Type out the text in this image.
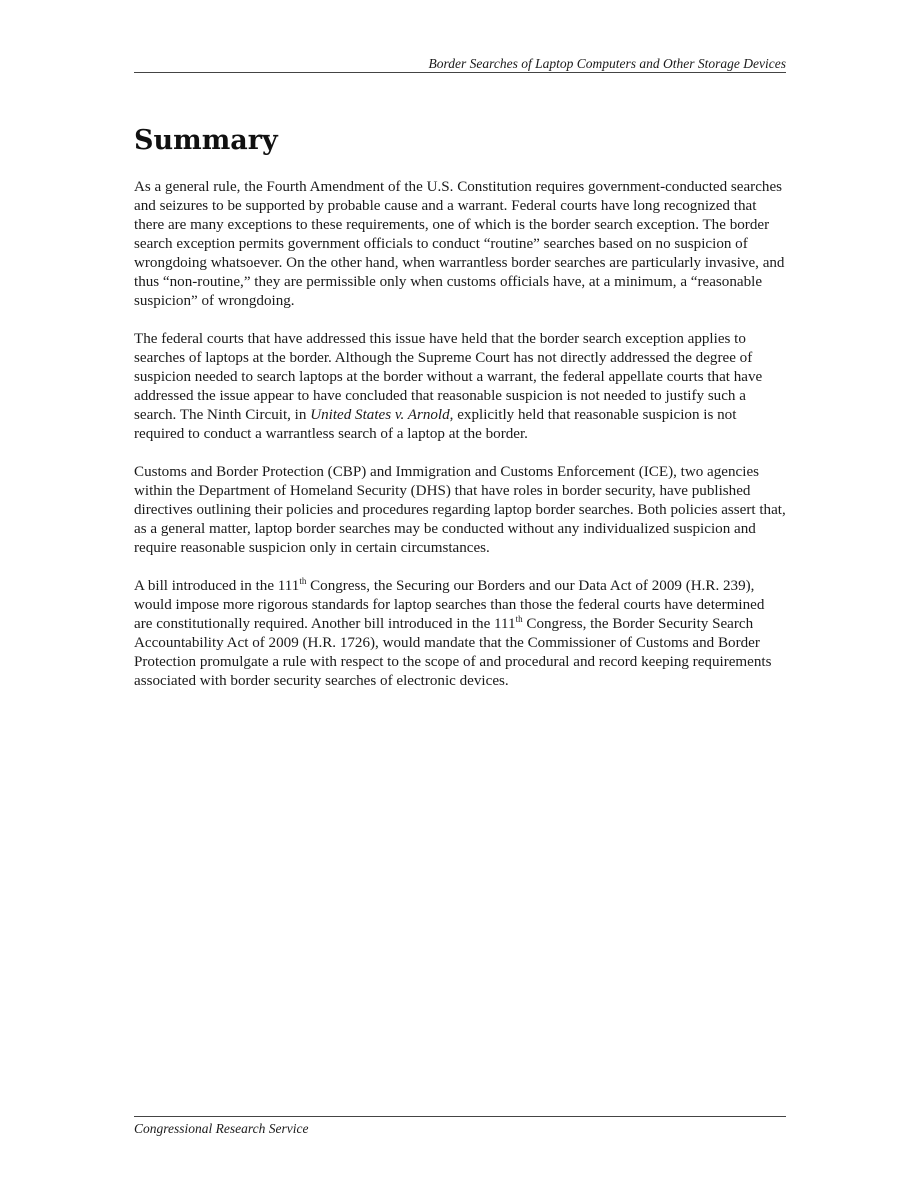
Border Searches of Laptop Computers and Other Storage Devices
Summary

As a general rule, the Fourth Amendment of the U.S. Constitution requires government-conducted searches and seizures to be supported by probable cause and a warrant. Federal courts have long recognized that there are many exceptions to these requirements, one of which is the border search exception. The border search exception permits government officials to conduct “routine” searches based on no suspicion of wrongdoing whatsoever. On the other hand, when warrantless border searches are particularly invasive, and thus “non-routine,” they are permissible only when customs officials have, at a minimum, a “reasonable suspicion” of wrongdoing.

The federal courts that have addressed this issue have held that the border search exception applies to searches of laptops at the border. Although the Supreme Court has not directly addressed the degree of suspicion needed to search laptops at the border without a warrant, the federal appellate courts that have addressed the issue appear to have concluded that reasonable suspicion is not needed to justify such a search. The Ninth Circuit, in United States v. Arnold, explicitly held that reasonable suspicion is not required to conduct a warrantless search of a laptop at the border.

Customs and Border Protection (CBP) and Immigration and Customs Enforcement (ICE), two agencies within the Department of Homeland Security (DHS) that have roles in border security, have published directives outlining their policies and procedures regarding laptop border searches. Both policies assert that, as a general matter, laptop border searches may be conducted without any individualized suspicion and require reasonable suspicion only in certain circumstances.

A bill introduced in the 111th Congress, the Securing our Borders and our Data Act of 2009 (H.R. 239), would impose more rigorous standards for laptop searches than those the federal courts have determined are constitutionally required. Another bill introduced in the 111th Congress, the Border Security Search Accountability Act of 2009 (H.R. 1726), would mandate that the Commissioner of Customs and Border Protection promulgate a rule with respect to the scope of and procedural and record keeping requirements associated with border security searches of electronic devices.

Congressional Research Service
